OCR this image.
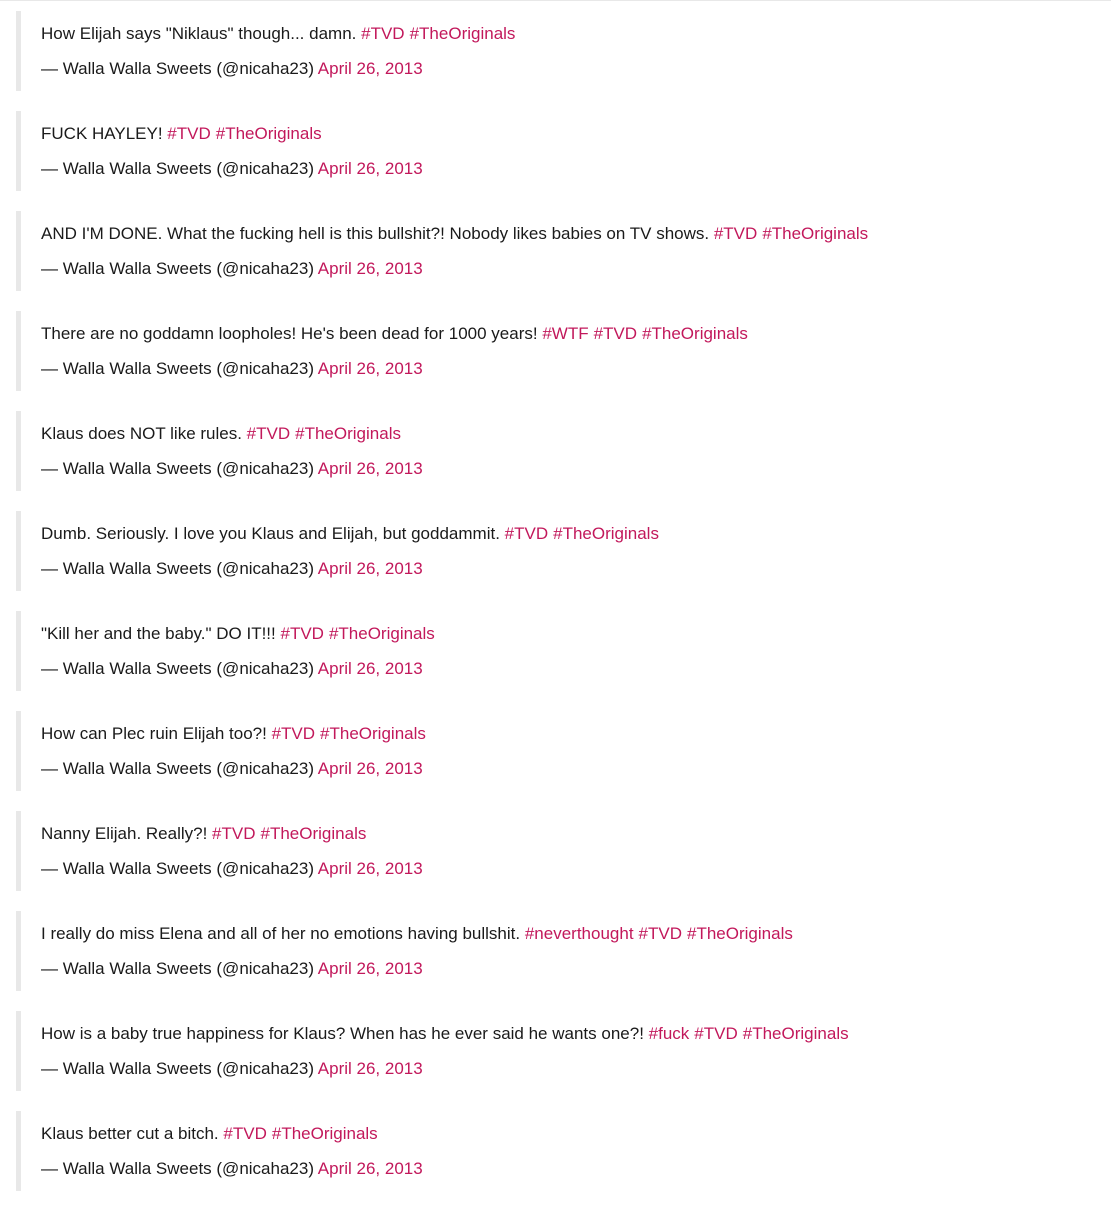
How Elijah says "Niklaus" though... damn. #TVD #TheOriginals
— Walla Walla Sweets (@nicaha23) April 26, 2013
FUCK HAYLEY! #TVD #TheOriginals
— Walla Walla Sweets (@nicaha23) April 26, 2013
AND I'M DONE. What the fucking hell is this bullshit?! Nobody likes babies on TV shows. #TVD #TheOriginals
— Walla Walla Sweets (@nicaha23) April 26, 2013
There are no goddamn loopholes! He's been dead for 1000 years! #WTF #TVD #TheOriginals
— Walla Walla Sweets (@nicaha23) April 26, 2013
Klaus does NOT like rules. #TVD #TheOriginals
— Walla Walla Sweets (@nicaha23) April 26, 2013
Dumb. Seriously. I love you Klaus and Elijah, but goddammit. #TVD #TheOriginals
— Walla Walla Sweets (@nicaha23) April 26, 2013
"Kill her and the baby." DO IT!!! #TVD #TheOriginals
— Walla Walla Sweets (@nicaha23) April 26, 2013
How can Plec ruin Elijah too?! #TVD #TheOriginals
— Walla Walla Sweets (@nicaha23) April 26, 2013
Nanny Elijah. Really?! #TVD #TheOriginals
— Walla Walla Sweets (@nicaha23) April 26, 2013
I really do miss Elena and all of her no emotions having bullshit. #neverthought #TVD #TheOriginals
— Walla Walla Sweets (@nicaha23) April 26, 2013
How is a baby true happiness for Klaus? When has he ever said he wants one?! #fuck #TVD #TheOriginals
— Walla Walla Sweets (@nicaha23) April 26, 2013
Klaus better cut a bitch. #TVD #TheOriginals
— Walla Walla Sweets (@nicaha23) April 26, 2013
